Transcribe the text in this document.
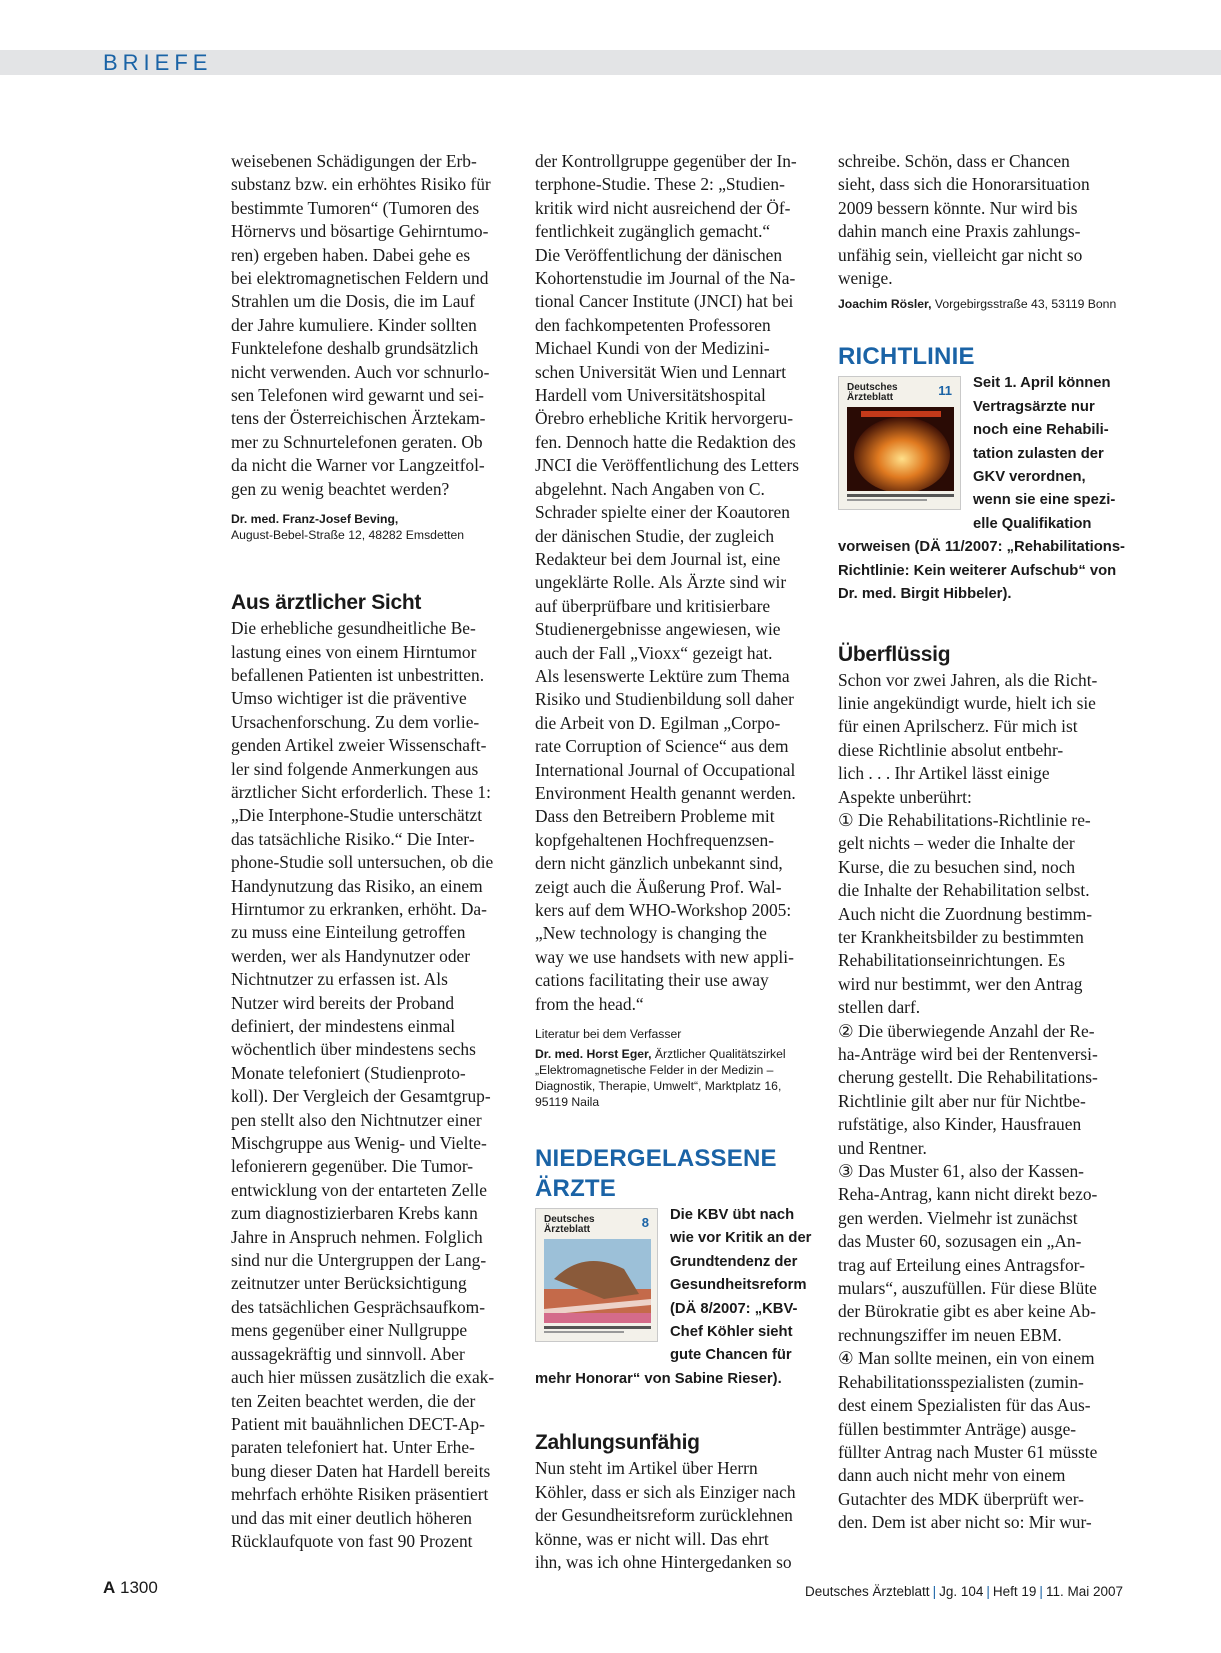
BRIEFE

weisebenen Schädigungen der Erb-
substanz bzw. ein erhöhtes Risiko für
bestimmte Tumoren“ (Tumoren des
Hörnervs und bösartige Gehirntumo-
ren) ergeben haben. Dabei gehe es
bei elektromagnetischen Feldern und
Strahlen um die Dosis, die im Lauf
der Jahre kumuliere. Kinder sollten
Funktelefone deshalb grundsätzlich
nicht verwenden. Auch vor schnurlo-
sen Telefonen wird gewarnt und sei-
tens der Österreichischen Ärztekam-
mer zu Schnurtelefonen geraten. Ob
da nicht die Warner vor Langzeitfol-
gen zu wenig beachtet werden?

Dr. med. Franz-Josef Beving,
August-Bebel-Straße 12, 48282 Emsdetten
Aus ärztlicher Sicht

Die erhebliche gesundheitliche Be-
lastung eines von einem Hirntumor
befallenen Patienten ist unbestritten.
Umso wichtiger ist die präventive
Ursachenforschung. Zu dem vorlie-
genden Artikel zweier Wissenschaft-
ler sind folgende Anmerkungen aus
ärztlicher Sicht erforderlich. These 1:
„Die Interphone-Studie unterschätzt
das tatsächliche Risiko.“ Die Inter-
phone-Studie soll untersuchen, ob die
Handynutzung das Risiko, an einem
Hirntumor zu erkranken, erhöht. Da-
zu muss eine Einteilung getroffen
werden, wer als Handynutzer oder
Nichtnutzer zu erfassen ist. Als
Nutzer wird bereits der Proband
definiert, der mindestens einmal
wöchentlich über mindestens sechs
Monate telefoniert (Studienproto-
koll). Der Vergleich der Gesamtgrup-
pen stellt also den Nichtnutzer einer
Mischgruppe aus Wenig- und Vielte-
lefonierern gegenüber. Die Tumor-
entwicklung von der entarteten Zelle
zum diagnostizierbaren Krebs kann
Jahre in Anspruch nehmen. Folglich
sind nur die Untergruppen der Lang-
zeitnutzer unter Berücksichtigung
des tatsächlichen Gesprächsaufkom-
mens gegenüber einer Nullgruppe
aussagekräftig und sinnvoll. Aber
auch hier müssen zusätzlich die exak-
ten Zeiten beachtet werden, die der
Patient mit bauähnlichen DECT-Ap-
paraten telefoniert hat. Unter Erhe-
bung dieser Daten hat Hardell bereits
mehrfach erhöhte Risiken präsentiert
und das mit einer deutlich höheren
Rücklaufquote von fast 90 Prozent

der Kontrollgruppe gegenüber der In-
terphone-Studie. These 2: „Studien-
kritik wird nicht ausreichend der Öf-
fentlichkeit zugänglich gemacht.“
Die Veröffentlichung der dänischen
Kohortenstudie im Journal of the Na-
tional Cancer Institute (JNCI) hat bei
den fachkompetenten Professoren
Michael Kundi von der Medizini-
schen Universität Wien und Lennart
Hardell vom Universitätshospital
Örebro erhebliche Kritik hervorgeru-
fen. Dennoch hatte die Redaktion des
JNCI die Veröffentlichung des Letters
abgelehnt. Nach Angaben von C.
Schrader spielte einer der Koautoren
der dänischen Studie, der zugleich
Redakteur bei dem Journal ist, eine
ungeklärte Rolle. Als Ärzte sind wir
auf überprüfbare und kritisierbare
Studienergebnisse angewiesen, wie
auch der Fall „Vioxx“ gezeigt hat.
Als lesenswerte Lektüre zum Thema
Risiko und Studienbildung soll daher
die Arbeit von D. Egilman „Corpo-
rate Corruption of Science“ aus dem
International Journal of Occupational
Environment Health genannt werden.
Dass den Betreibern Probleme mit
kopfgehaltenen Hochfrequenzsen-
dern nicht gänzlich unbekannt sind,
zeigt auch die Äußerung Prof. Wal-
kers auf dem WHO-Workshop 2005:
„New technology is changing the
way we use handsets with new appli-
cations facilitating their use away
from the head.“

Literatur bei dem Verfasser
Dr. med. Horst Eger, Ärztlicher Qualitätszirkel
„Elektromagnetische Felder in der Medizin –
Diagnostik, Therapie, Umwelt“, Marktplatz 16,
95119 Naila
NIEDERGELASSENE ÄRZTE
Deutsches
Ärzteblatt	8	Die KBV übt nach
wie vor Kritik an der
Grundtendenz der
Gesundheitsreform
(DÄ 8/2007: „KBV-
Chef Köhler sieht
gute Chancen für

mehr Honorar“ von Sabine Rieser).

Zahlungsunfähig

Nun steht im Artikel über Herrn
Köhler, dass er sich als Einziger nach
der Gesundheitsreform zurücklehnen
könne, was er nicht will. Das ehrt
ihn, was ich ohne Hintergedanken so

schreibe. Schön, dass er Chancen
sieht, dass sich die Honorarsituation
2009 bessern könnte. Nur wird bis
dahin manch eine Praxis zahlungs-
unfähig sein, vielleicht gar nicht so
wenige.

Joachim Rösler, Vorgebirgsstraße 43, 53119 Bonn
RICHTLINIE
Deutsches
Ärzteblatt	11	Seit 1. April können
Vertragsärzte nur
noch eine Rehabili-
tation zulasten der
GKV verordnen,
wenn sie eine spezi-
elle Qualifikation

vorweisen (DÄ 11/2007: „Rehabilitations-
Richtlinie: Kein weiterer Aufschub“ von
Dr. med. Birgit Hibbeler).

Überflüssig

Schon vor zwei Jahren, als die Richt-
linie angekündigt wurde, hielt ich sie
für einen Aprilscherz. Für mich ist
diese Richtlinie absolut entbehr-
lich . . . Ihr Artikel lässt einige
Aspekte unberührt:
① Die Rehabilitations-Richtlinie re-
gelt nichts – weder die Inhalte der
Kurse, die zu besuchen sind, noch
die Inhalte der Rehabilitation selbst.
Auch nicht die Zuordnung bestimm-
ter Krankheitsbilder zu bestimmten
Rehabilitationseinrichtungen. Es
wird nur bestimmt, wer den Antrag
stellen darf.
② Die überwiegende Anzahl der Re-
ha-Anträge wird bei der Rentenversi-
cherung gestellt. Die Rehabilitations-
Richtlinie gilt aber nur für Nichtbe-
rufstätige, also Kinder, Hausfrauen
und Rentner.
③ Das Muster 61, also der Kassen-
Reha-Antrag, kann nicht direkt bezo-
gen werden. Vielmehr ist zunächst
das Muster 60, sozusagen ein „An-
trag auf Erteilung eines Antragsfor-
mulars“, auszufüllen. Für diese Blüte
der Bürokratie gibt es aber keine Ab-
rechnungsziffer im neuen EBM.
④ Man sollte meinen, ein von einem
Rehabilitationsspezialisten (zumin-
dest einem Spezialisten für das Aus-
füllen bestimmter Anträge) ausge-
füllter Antrag nach Muster 61 müsste
dann auch nicht mehr von einem
Gutachter des MDK überprüft wer-
den. Dem ist aber nicht so: Mir wur-

A 1300	Deutsches Ärzteblatt | Jg. 104 | Heft 19 | 11. Mai 2007
